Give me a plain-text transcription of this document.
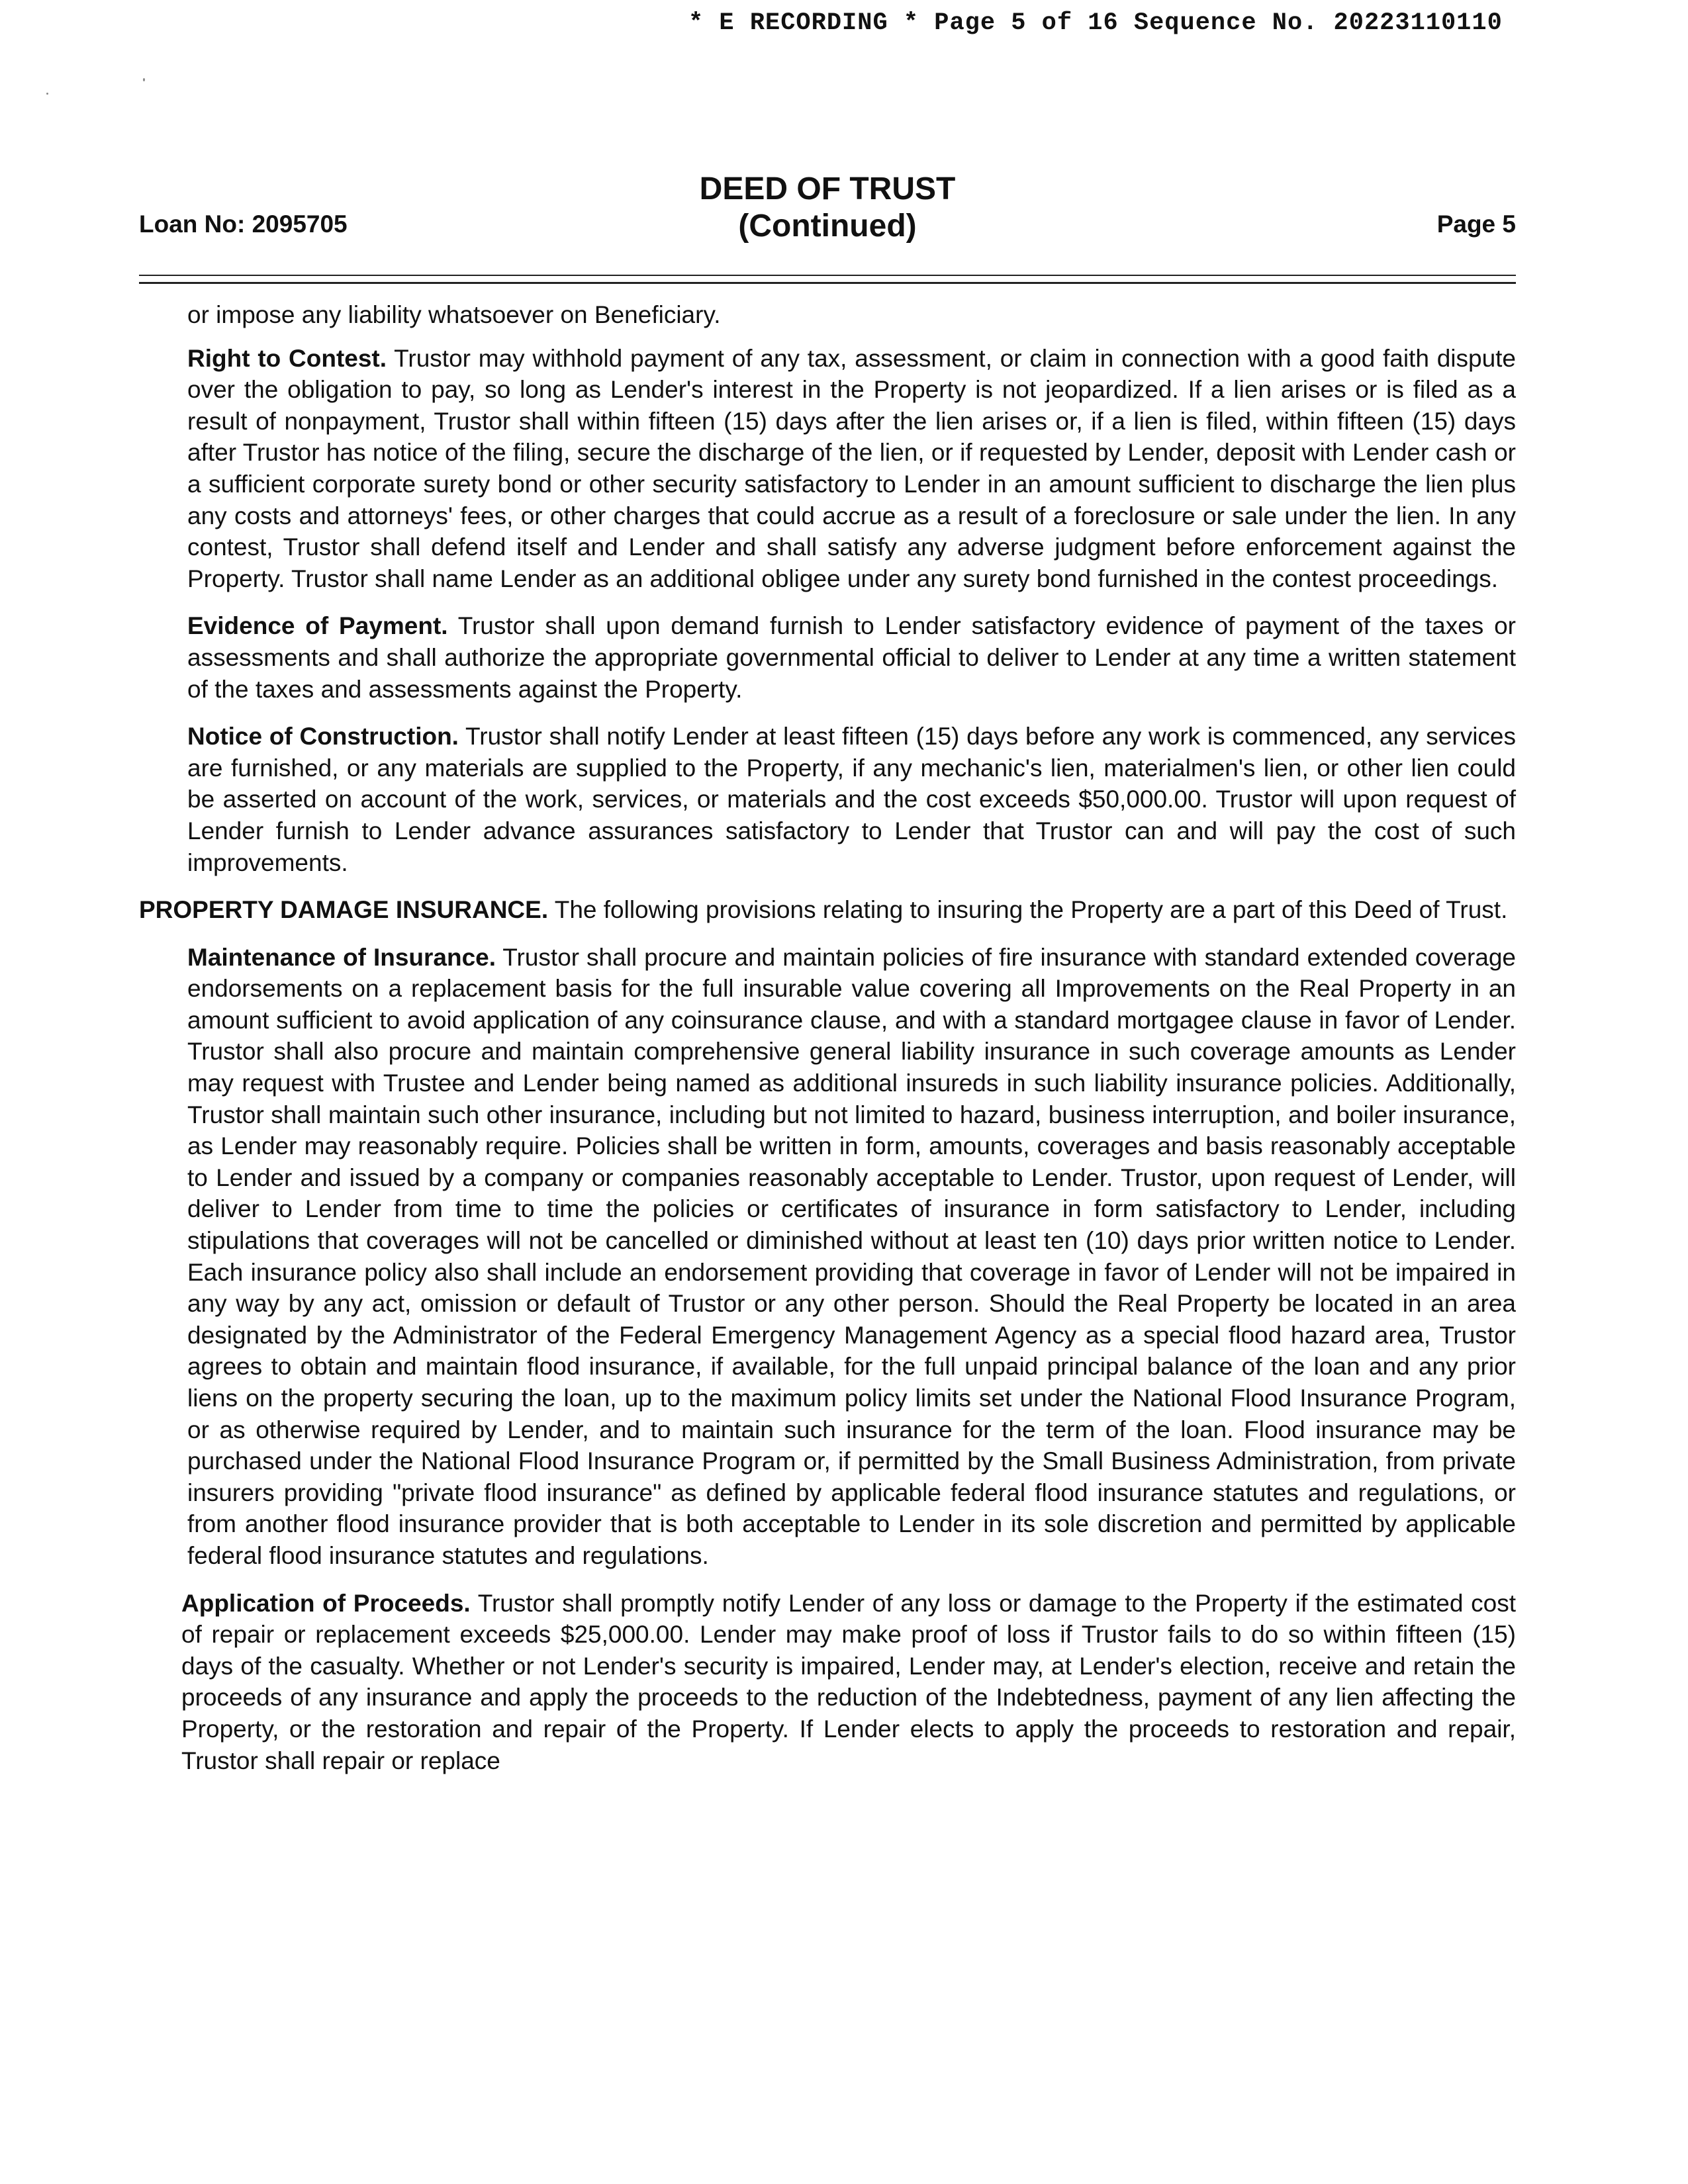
* E RECORDING * Page 5 of 16 Sequence No. 20223110110
Loan No: 2095705
DEED OF TRUST
(Continued)	Page 5

or impose any liability whatsoever on Beneficiary.

Right to Contest. Trustor may withhold payment of any tax, assessment, or claim in connection with a good faith dispute over the obligation to pay, so long as Lender's interest in the Property is not jeopardized. If a lien arises or is filed as a result of nonpayment, Trustor shall within fifteen (15) days after the lien arises or, if a lien is filed, within fifteen (15) days after Trustor has notice of the filing, secure the discharge of the lien, or if requested by Lender, deposit with Lender cash or a sufficient corporate surety bond or other security satisfactory to Lender in an amount sufficient to discharge the lien plus any costs and attorneys' fees, or other charges that could accrue as a result of a foreclosure or sale under the lien. In any contest, Trustor shall defend itself and Lender and shall satisfy any adverse judgment before enforcement against the Property. Trustor shall name Lender as an additional obligee under any surety bond furnished in the contest proceedings.

Evidence of Payment. Trustor shall upon demand furnish to Lender satisfactory evidence of payment of the taxes or assessments and shall authorize the appropriate governmental official to deliver to Lender at any time a written statement of the taxes and assessments against the Property.

Notice of Construction. Trustor shall notify Lender at least fifteen (15) days before any work is commenced, any services are furnished, or any materials are supplied to the Property, if any mechanic's lien, materialmen's lien, or other lien could be asserted on account of the work, services, or materials and the cost exceeds $50,000.00. Trustor will upon request of Lender furnish to Lender advance assurances satisfactory to Lender that Trustor can and will pay the cost of such improvements.

PROPERTY DAMAGE INSURANCE. The following provisions relating to insuring the Property are a part of this Deed of Trust.

Maintenance of Insurance. Trustor shall procure and maintain policies of fire insurance with standard extended coverage endorsements on a replacement basis for the full insurable value covering all Improvements on the Real Property in an amount sufficient to avoid application of any coinsurance clause, and with a standard mortgagee clause in favor of Lender. Trustor shall also procure and maintain comprehensive general liability insurance in such coverage amounts as Lender may request with Trustee and Lender being named as additional insureds in such liability insurance policies. Additionally, Trustor shall maintain such other insurance, including but not limited to hazard, business interruption, and boiler insurance, as Lender may reasonably require. Policies shall be written in form, amounts, coverages and basis reasonably acceptable to Lender and issued by a company or companies reasonably acceptable to Lender. Trustor, upon request of Lender, will deliver to Lender from time to time the policies or certificates of insurance in form satisfactory to Lender, including stipulations that coverages will not be cancelled or diminished without at least ten (10) days prior written notice to Lender. Each insurance policy also shall include an endorsement providing that coverage in favor of Lender will not be impaired in any way by any act, omission or default of Trustor or any other person. Should the Real Property be located in an area designated by the Administrator of the Federal Emergency Management Agency as a special flood hazard area, Trustor agrees to obtain and maintain flood insurance, if available, for the full unpaid principal balance of the loan and any prior liens on the property securing the loan, up to the maximum policy limits set under the National Flood Insurance Program, or as otherwise required by Lender, and to maintain such insurance for the term of the loan. Flood insurance may be purchased under the National Flood Insurance Program or, if permitted by the Small Business Administration, from private insurers providing "private flood insurance" as defined by applicable federal flood insurance statutes and regulations, or from another flood insurance provider that is both acceptable to Lender in its sole discretion and permitted by applicable federal flood insurance statutes and regulations.

Application of Proceeds. Trustor shall promptly notify Lender of any loss or damage to the Property if the estimated cost of repair or replacement exceeds $25,000.00. Lender may make proof of loss if Trustor fails to do so within fifteen (15) days of the casualty. Whether or not Lender's security is impaired, Lender may, at Lender's election, receive and retain the proceeds of any insurance and apply the proceeds to the reduction of the Indebtedness, payment of any lien affecting the Property, or the restoration and repair of the Property. If Lender elects to apply the proceeds to restoration and repair, Trustor shall repair or replace
